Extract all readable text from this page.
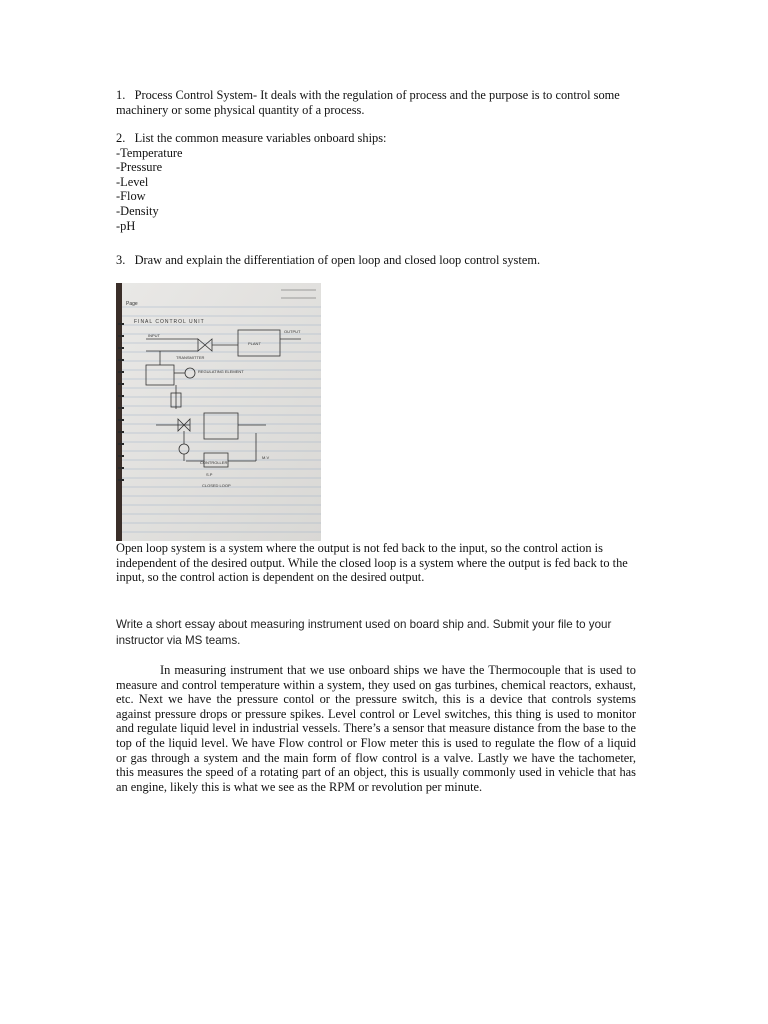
1. Process Control System- It deals with the regulation of process and the purpose is to control some machinery or some physical quantity of a process.

2. List the common measure variables onboard ships:

-Temperature
-Pressure
-Level
-Flow
-Density
-pH

3. Draw and explain the differentiation of open loop and closed loop control system.

Page
FINAL CONTROL UNIT
INPUT
OUTPUT
PLANT
TRANSMITTER
REGULATING ELEMENT
M.V
S.P
CONTROLLER
CLOSED LOOP

Open loop system is a system where the output is not fed back to the input, so the control action is independent of the desired output. While the closed loop is a system where the output is fed back to the input, so the control action is dependent on the desired output.

Write a short essay about measuring instrument used on board ship and. Submit your file to your instructor via MS teams.

In measuring instrument that we use onboard ships we have the Thermocouple that is used to measure and control temperature within a system, they used on gas turbines, chemical reactors, exhaust, etc. Next we have the pressure contol or the pressure switch, this is a device that controls systems against pressure drops or pressure spikes. Level control or Level switches, this thing is used to monitor and regulate liquid level in industrial vessels. There’s a sensor that measure distance from the base to the top of the liquid level. We have Flow control or Flow meter this is used to regulate the flow of a liquid or gas through a system and the main form of flow control is a valve. Lastly we have the tachometer, this measures the speed of a rotating part of an object, this is usually commonly used in vehicle that has an engine, likely this is what we see as the RPM or revolution per minute.
